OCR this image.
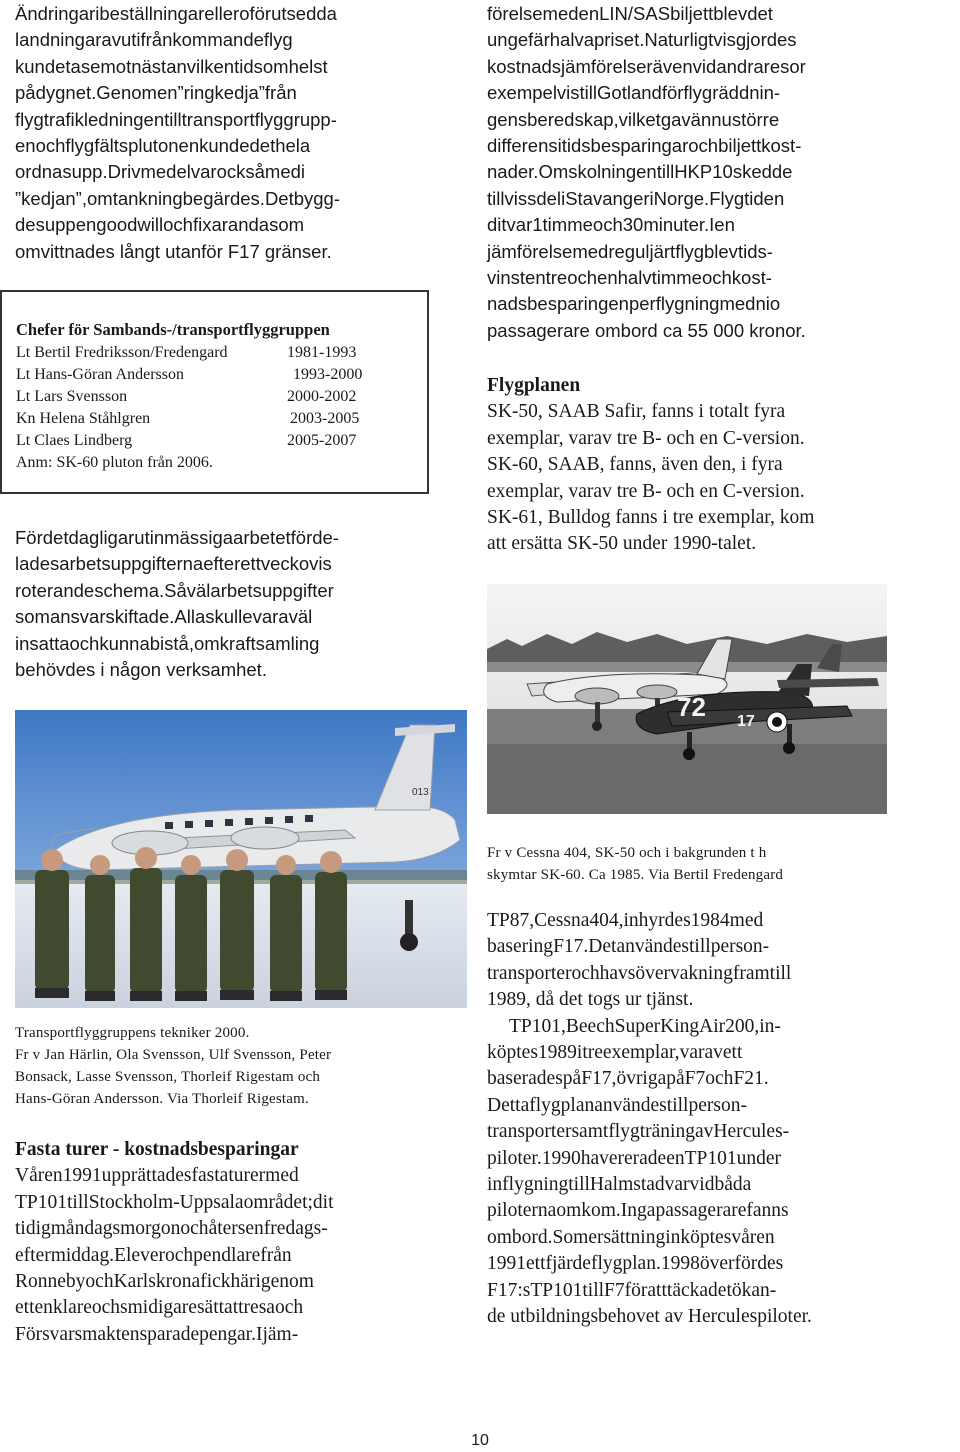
Ändringaribeställningarelleroförutsedda
landningaravutifrånkommandeflyg
kundetasemotnästanvilkentidsomhelst
pådygnet.Genomen”ringkedja”från
flygtrafikledningentilltransportflyggrupp-
enochflygfältsplutonenkundedethela
ordnasupp.Drivmedelvarocksåmedi
”kedjan”,omtankningbegärdes.Detbygg-
desuppengoodwillochfixarandasom
omvittnades långt utanför F17 gränser.

Chefer för Sambands-/transportflyggruppen
Lt Bertil Fredriksson/Fredengard	1981-1993
Lt Hans-Göran Andersson	1993-2000
Lt Lars Svensson	2000-2002
Kn Helena Ståhlgren	2003-2005
Lt Claes Lindberg	2005-2007
Anm: SK-60 pluton från 2006.

Fördetdagligarutinmässigaarbetetförde-
ladesarbetsuppgifternaefterettveckovis
roterandeschema.Såvälarbetsuppgifter
somansvarskiftade.Allaskullevaraväl
insattaochkunnabistå,omkraftsamling
behövdes i någon verksamhet.

013
Transportflyggruppens tekniker 2000.
Fr v Jan Härlin, Ola Svensson, Ulf Svensson, Peter
Bonsack, Lasse Svensson, Thorleif Rigestam och
Hans-Göran Andersson. Via Thorleif Rigestam.
Fasta turer - kostnadsbesparingar

Våren1991upprättadesfastaturermed
TP101tillStockholm-Uppsalaområdet;dit
tidigmåndagsmorgonochåtersenfredags-
eftermiddag.Eleverochpendlarefrån
RonnebyochKarlskronafickhärigenom
ettenklareochsmidigaresättattresaoch
Försvarsmaktensparadepengar.Ijäm-

förelsemedenLIN/SASbiljettblevdet
ungefärhalvapriset.Naturligtvisgjordes
kostnadsjämförelserävenvidandraresor
exempelvistillGotlandförflygräddnin-
gensberedskap,vilketgavännustörre
differensitidsbesparingarochbiljettkost-
nader.OmskolningentillHKP10skedde
tillvissdeliStavangeriNorge.Flygtiden
ditvar1timmeoch30minuter.Ien
jämförelsemedreguljärtflygblevtids-
vinstentreochenhalvtimmeochkost-
nadsbesparingenperflygningmednio
passagerare ombord ca 55 000 kronor.

Flygplanen

SK-50, SAAB Safir, fanns i totalt fyra
exemplar, varav tre B- och en C-version.
SK-60, SAAB, fanns, även den, i fyra
exemplar, varav tre B- och en C-version.
SK-61, Bulldog fanns i tre exemplar, kom
att ersätta SK-50 under 1990-talet.

72 17
Fr v Cessna 404, SK-50 och i bakgrunden t h
skymtar SK-60. Ca 1985. Via Bertil Fredengard

TP87,Cessna404,inhyrdes1984med
baseringF17.Detanvändestillperson-
transporterochhavsövervakningframtill
1989, då det togs ur tjänst.
TP101,BeechSuperKingAir200,in-
köptes1989itreexemplar,varavett
baseradespåF17,övrigapåF7ochF21.
Dettaflygplananvändestillperson-
transportersamtflygträningavHercules-
piloter.1990havereradeenTP101under
inflygningtillHalmstadvarvidbåda
piloternaomkom.Ingapassagerarefanns
ombord.Somersättninginköptesvåren
1991ettfjärdeflygplan.1998överfördes
F17:sTP101tillF7föratttäckadetökan-
de utbildningsbehovet av Herculespiloter.

10
